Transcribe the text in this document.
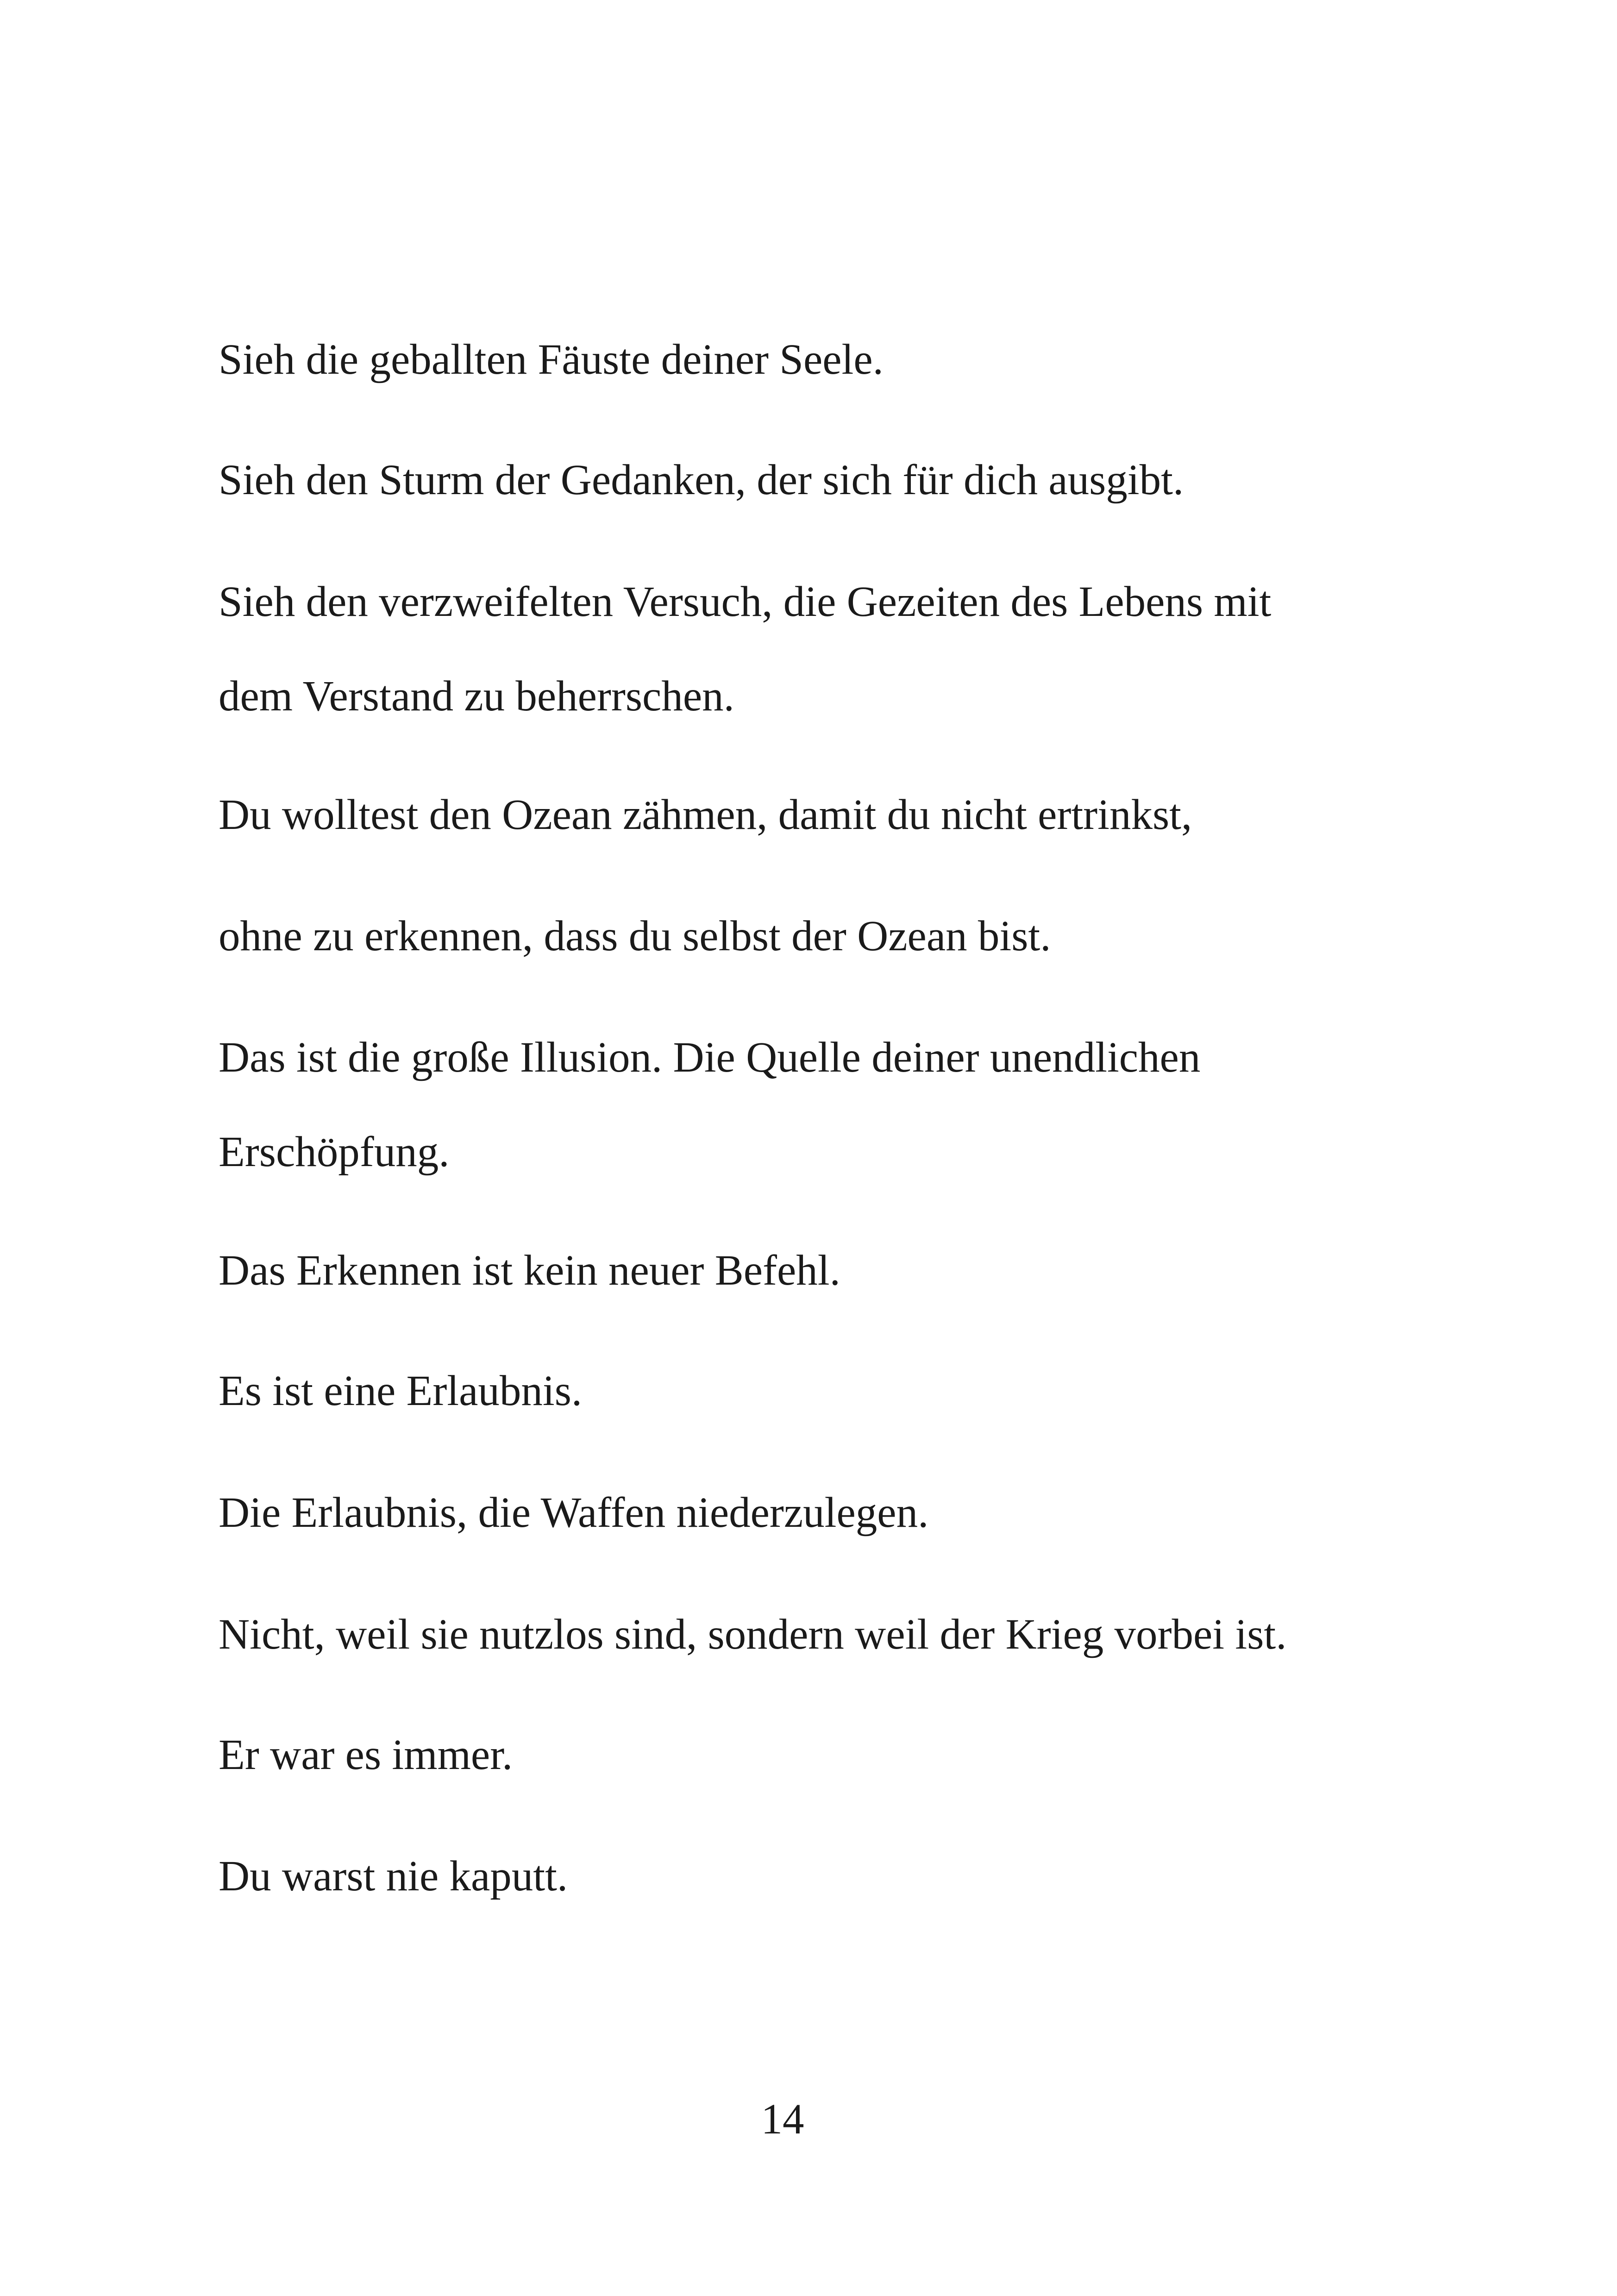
Sieh die geballten Fäuste deiner Seele.
Sieh den Sturm der Gedanken, der sich für dich ausgibt.
Sieh den verzweifelten Versuch, die Gezeiten des Lebens mit
dem Verstand zu beherrschen.
Du wolltest den Ozean zähmen, damit du nicht ertrinkst,
ohne zu erkennen, dass du selbst der Ozean bist.
Das ist die große Illusion. Die Quelle deiner unendlichen
Erschöpfung.
Das Erkennen ist kein neuer Befehl.
Es ist eine Erlaubnis.
Die Erlaubnis, die Waffen niederzulegen.
Nicht, weil sie nutzlos sind, sondern weil der Krieg vorbei ist.
Er war es immer.
Du warst nie kaputt.
14
